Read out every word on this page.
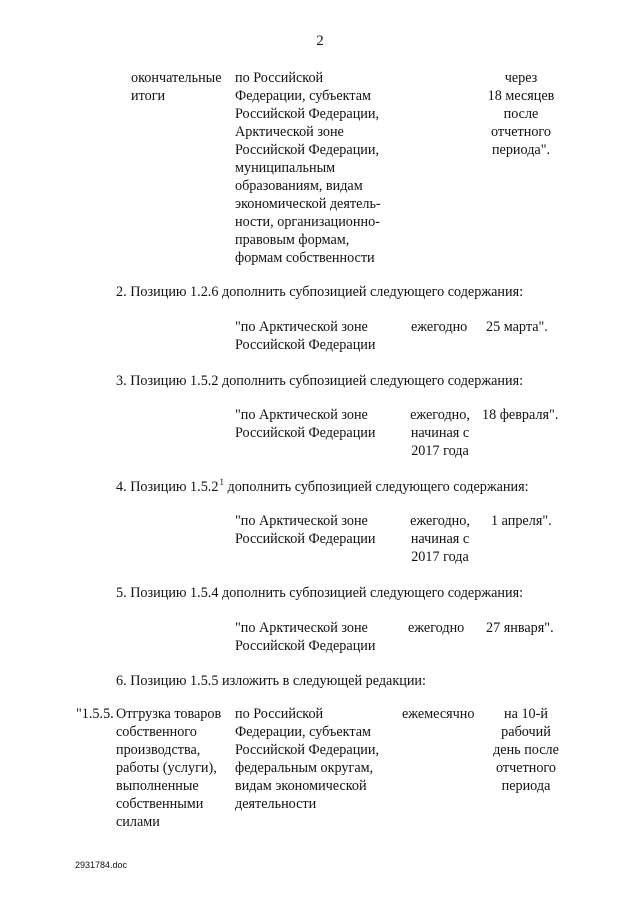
2
окончательные
итоги
по Российской
Федерации, субъектам
Российской Федерации,
Арктической зоне
Российской Федерации,
муниципальным
образованиям, видам
экономической деятель-
ности, организационно-
правовым формам,
формам собственности
через
18 месяцев
после
отчетного
периода".
2. Позицию 1.2.6 дополнить субпозицией следующего содержания:
"по Арктической зоне
Российской Федерации
ежегодно 25 марта".
3. Позицию 1.5.2 дополнить субпозицией следующего содержания:
"по Арктической зоне
Российской Федерации
ежегодно,
начиная с
2017 года
18 февраля".
4. Позицию 1.5.2$^1$ дополнить субпозицией следующего содержания:
"по Арктической зоне
Российской Федерации
ежегодно,
начиная с
2017 года
1 апреля".
5. Позицию 1.5.4 дополнить субпозицией следующего содержания:
"по Арктической зоне
Российской Федерации
ежегодно 27 января".
6. Позицию 1.5.5 изложить в следующей редакции:
"1.5.5. Отгрузка товаров
собственного
производства,
работы (услуги),
выполненные
собственными
силами
по Российской
Федерации, субъектам
Российской Федерации,
федеральным округам,
видам экономической
деятельности
ежемесячно	на 10-й
рабочий
день после
отчетного
периода
2931784.doc
